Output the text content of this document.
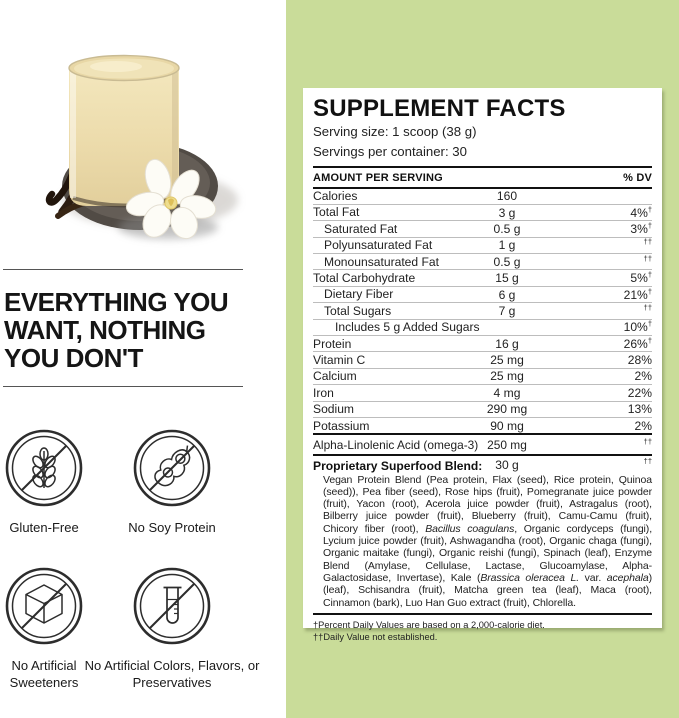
EVERYTHING YOU
WANT, NOTHING
YOU DON'T
Gluten-Free	No Soy Protein
No Artificial Sweeteners
No Artificial Colors, Flavors, or Preservatives
SUPPLEMENT FACTS
Serving size: 1 scoop (38 g)
Servings per container: 30
AMOUNT PER SERVING	% DV
Calories	160
Total Fat	3 g	4%†
Saturated Fat	0.5 g	3%†
Polyunsaturated Fat	1 g	††
Monounsaturated Fat	0.5 g	††
Total Carbohydrate	15 g	5%†
Dietary Fiber	6 g	21%†
Total Sugars	7 g	††
Includes 5 g Added Sugars	10%†
Protein	16 g	26%†
Vitamin C	25 mg	28%
Calcium	25 mg	2%
Iron	4 mg	22%
Sodium	290 mg	13%
Potassium	90 mg	2%
Alpha-Linolenic Acid (omega-3) 250 mg	††
Proprietary Superfood Blend: 30 g	††
Vegan Protein Blend (Pea protein, Flax (seed), Rice protein, Quinoa (seed)), Pea fiber (seed), Rose hips (fruit), Pomegranate juice powder (fruit), Yacon (root), Acerola juice powder (fruit), Astragalus (root), Bilberry juice powder (fruit), Blueberry (fruit), Camu-Camu (fruit), Chicory fiber (root), Bacillus coagulans, Organic cordyceps (fungi), Lycium juice powder (fruit), Ashwagandha (root), Organic chaga (fungi), Organic maitake (fungi), Organic reishi (fungi), Spinach (leaf), Enzyme Blend (Amylase, Cellulase, Lactase, Glucoamylase, Alpha-Galactosidase, Invertase), Kale (Brassica oleracea L. var. acephala) (leaf), Schisandra (fruit), Matcha green tea (leaf), Maca (root), Cinnamon (bark), Luo Han Guo extract (fruit), Chlorella.
†Percent Daily Values are based on a 2,000-calorie diet.
††Daily Value not established.
